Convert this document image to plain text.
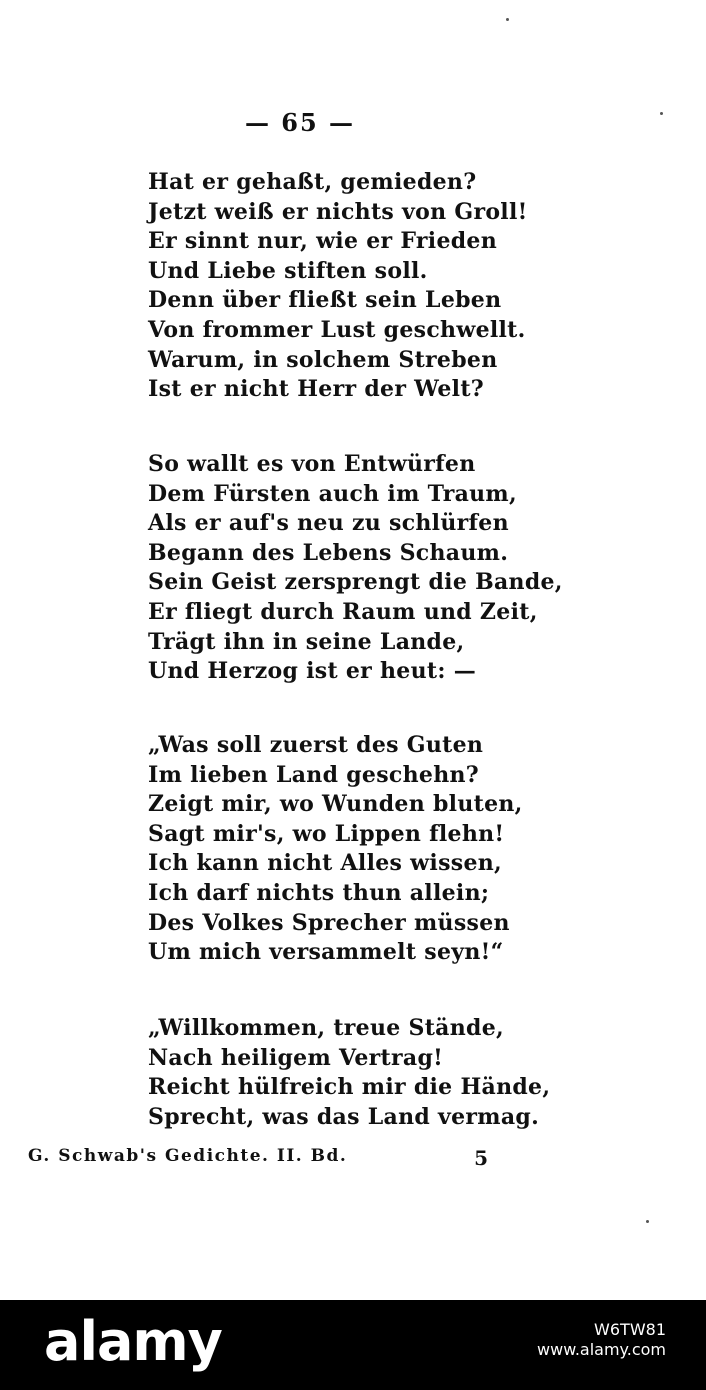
— 65 —
Hat er gehaßt, gemieden?
Jetzt weiß er nichts von Groll!
Er sinnt nur, wie er Frieden
Und Liebe stiften soll.
Denn über fließt sein Leben
Von frommer Lust geschwellt.
Warum, in solchem Streben
Ist er nicht Herr der Welt?
So wallt es von Entwürfen
Dem Fürsten auch im Traum,
Als er auf's neu zu schlürfen
Begann des Lebens Schaum.
Sein Geist zersprengt die Bande,
Er fliegt durch Raum und Zeit,
Trägt ihn in seine Lande,
Und Herzog ist er heut: —
„Was soll zuerst des Guten
Im lieben Land geschehn?
Zeigt mir, wo Wunden bluten,
Sagt mir's, wo Lippen flehn!
Ich kann nicht Alles wissen,
Ich darf nichts thun allein;
Des Volkes Sprecher müssen
Um mich versammelt seyn!“
„Willkommen, treue Stände,
Nach heiligem Vertrag!
Reicht hülfreich mir die Hände,
Sprecht, was das Land vermag.
G. Schwab's Gedichte. II. Bd.	5
alamy	W6TW81
www.alamy.com
